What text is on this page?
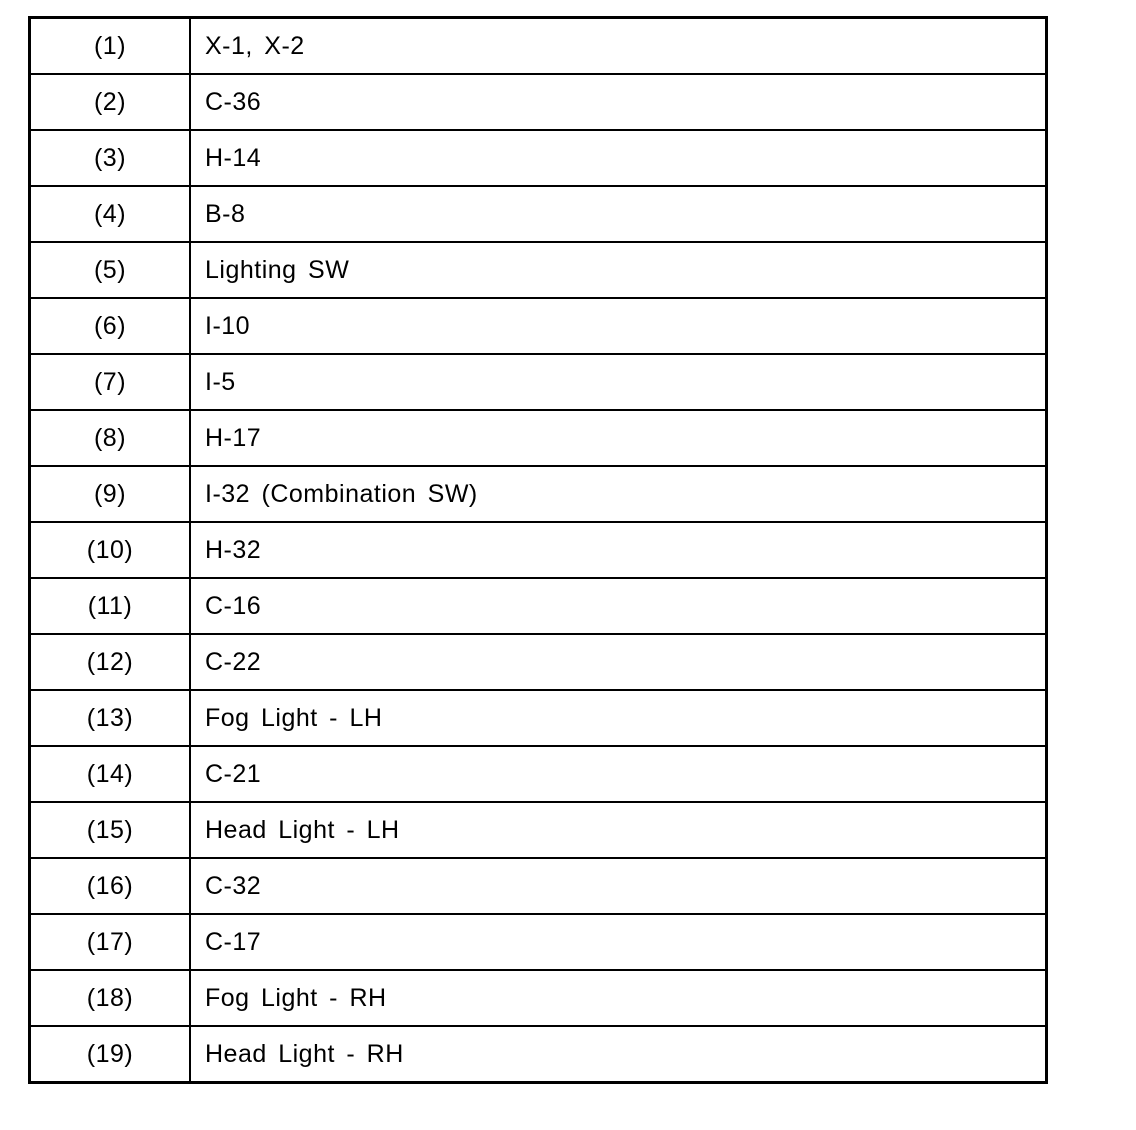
(1)	X-1, X-2
(2)	C-36
(3)	H-14
(4)	B-8
(5)	Lighting SW
(6)	I-10
(7)	I-5
(8)	H-17
(9)	I-32 (Combination SW)
(10)	H-32
(11)	C-16
(12)	C-22
(13)	Fog Light - LH
(14)	C-21
(15)	Head Light - LH
(16)	C-32
(17)	C-17
(18)	Fog Light - RH
(19)	Head Light - RH
